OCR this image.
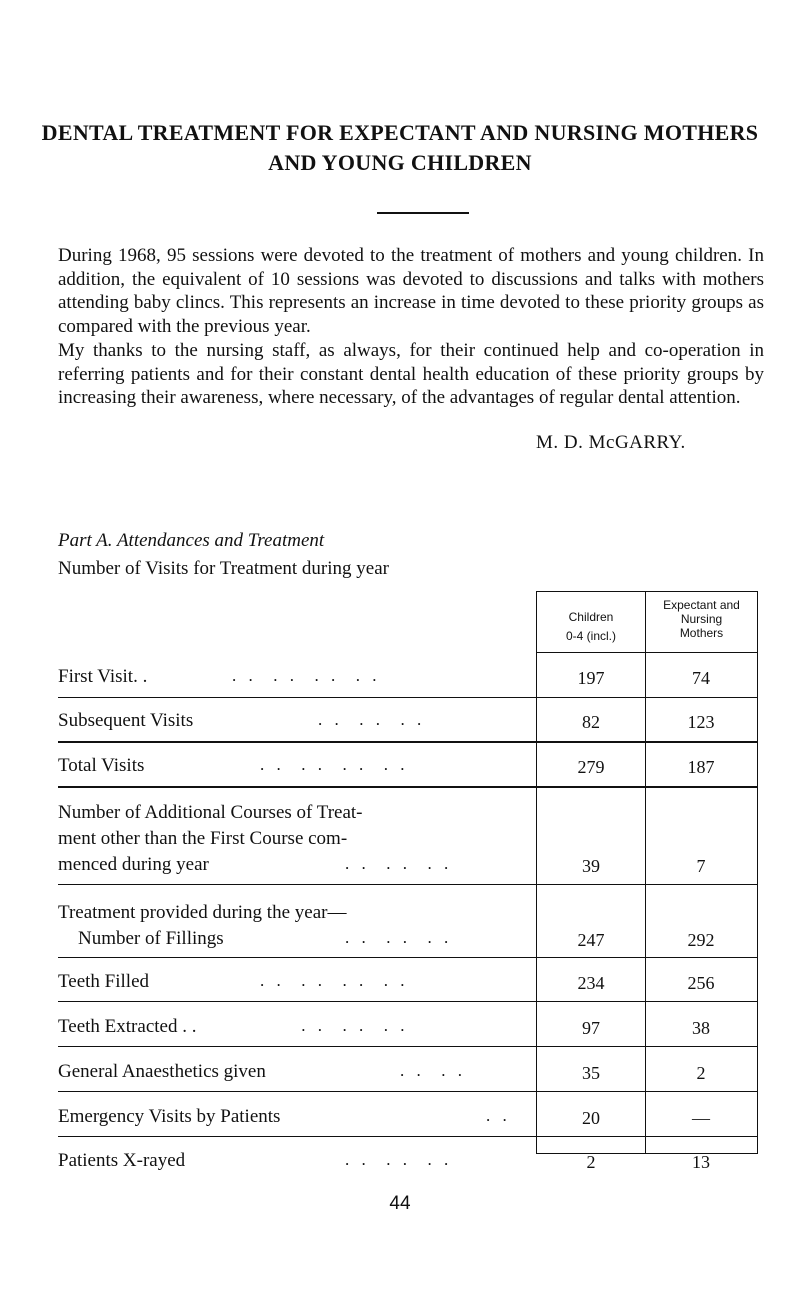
DENTAL TREATMENT FOR EXPECTANT AND NURSING MOTHERS AND YOUNG CHILDREN
During 1968, 95 sessions were devoted to the treatment of mothers and young children. In addition, the equivalent of 10 sessions was devoted to discussions and talks with mothers attending baby clincs. This represents an increase in time devoted to these priority groups as compared with the previous year.
My thanks to the nursing staff, as always, for their continued help and co-operation in referring patients and for their constant dental health education of these priority groups by increasing their awareness, where necessary, of the advantages of regular dental attention.
M. D. McGARRY.
Part A. Attendances and Treatment
Number of Visits for Treatment during year
Children
0-4 (incl.)
Expectant and
Nursing
Mothers
First Visit. .	. .  . .  . .  . .	197	74
Subsequent Visits	. .  . .  . .	82	123
Total Visits	. .  . .  . .  . .	279	187
Number of Additional Courses of Treat-
ment other than the First Course com-
menced during year	. .  . .  . .	39	7
Treatment provided during the year—
Number of Fillings	. .  . .  . .	247	292
Teeth Filled	. .  . .  . .  . .	234	256
Teeth Extracted . .	. .  . .  . .	97	38
General Anaesthetics given	. .  . .	35	2
Emergency Visits by Patients	. .	20	—
Patients X-rayed	. .  . .  . .	2	13
44
